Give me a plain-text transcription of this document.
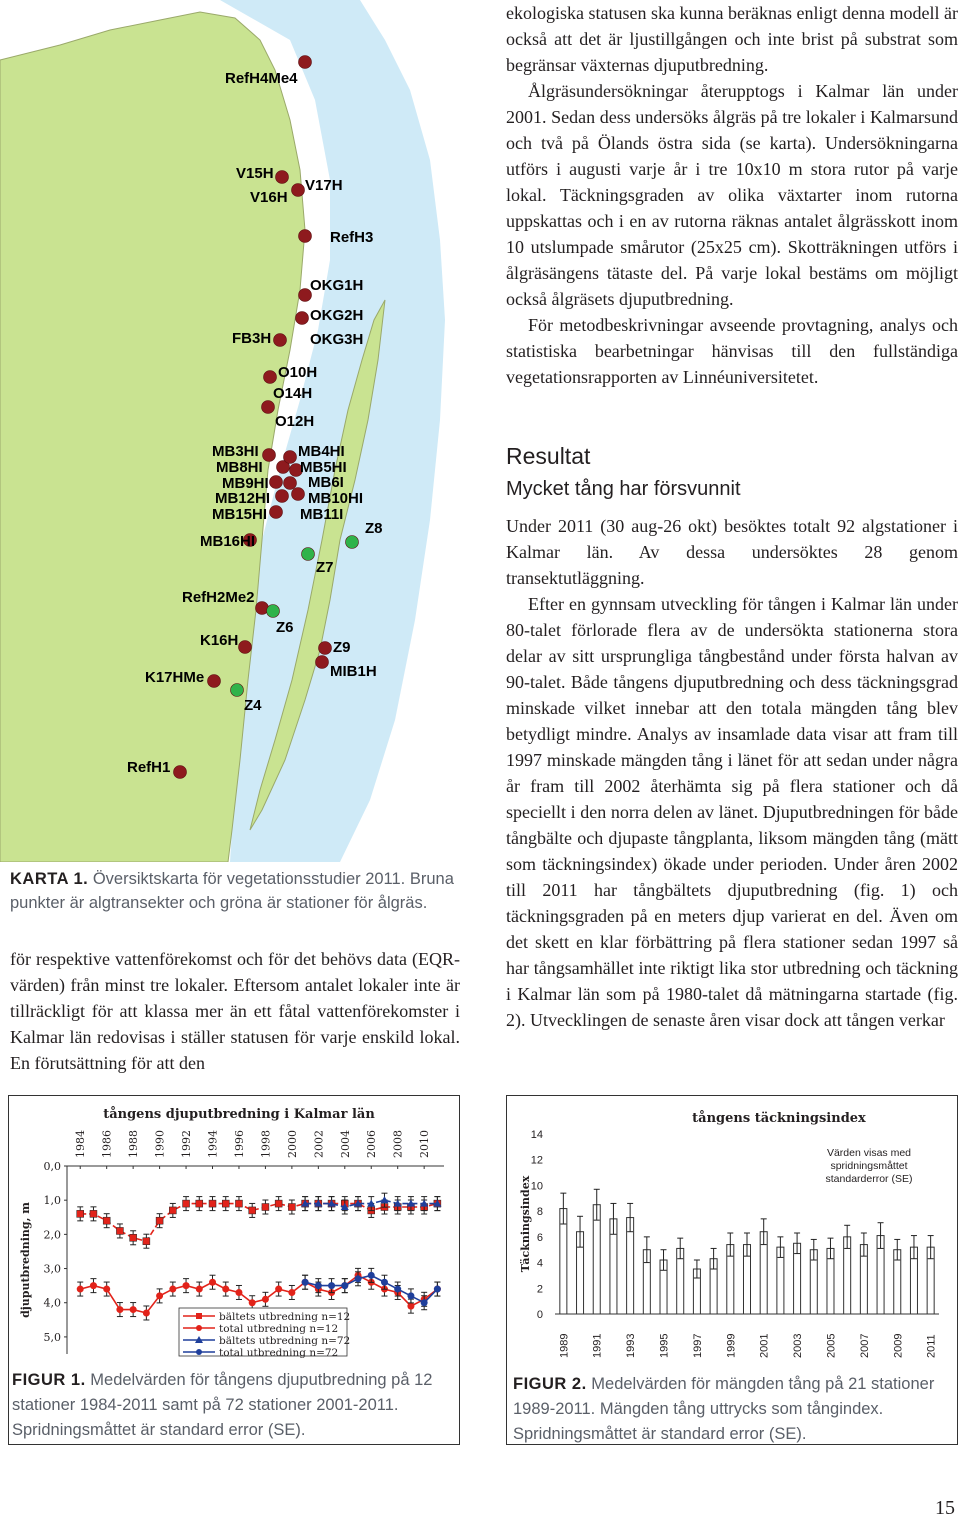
RefH4Me4
V15H
V16H
V17H
RefH3
OKG1H
OKG2H
OKG3H
FB3H
O10H
O14H
O12H
MB3HI
MB8HI
MB9HI
MB12HI
MB15HI
MB4HI
MB5HI
MB6I
MB10HI
MB11I
Z8
MB16HI
Z7
RefH2Me2
Z6
K16H	Z9
MIB1H
K17HMe
Z4
RefH1
KARTA 1. Översiktskarta för vegetationsstudier 2011. Bruna punkter är algtransekter och gröna är stationer för ålgräs.

för respektive vattenförekomst och för det behövs data (EQR-värden) från minst tre lokaler. Eftersom antalet lokaler inte är tillräckligt för att klassa mer än ett fåtal vattenförekomster i Kalmar län redovisas i ställer statusen för varje enskild lokal. En förutsättning för att den

ekologiska statusen ska kunna beräknas enligt denna modell är också att det är ljustillgången och inte brist på substrat som begränsar växternas djuputbredning.

Ålgräsundersökningar återupptogs i Kalmar län under 2001. Sedan dess undersöks ålgräs på tre lokaler i Kalmarsund och två på Ölands östra sida (se karta). Undersökningarna utförs i augusti varje år i tre 10x10 m stora rutor på varje lokal. Täckningsgraden av olika växtarter inom rutorna uppskattas och i en av rutorna räknas antalet ålgrässkott inom 10 utslumpade smårutor (25x25 cm). Skotträkningen utförs i ålgräsängens tätaste del. På varje lokal bestäms om möjligt också ålgräsets djuputbredning.

För metodbeskrivningar avseende provtagning, analys och statistiska bearbetningar hänvisas till den fullständiga vegetationsrapporten av Linnéuniversitetet.

Resultat
Mycket tång har försvunnit

Under 2011 (30 aug-26 okt) besöktes totalt 92 algstationer i Kalmar län. Av dessa undersöktes 28 genom transektutläggning.

Efter en gynnsam utveckling för tången i Kalmar län under 80-talet förlorade flera av de undersökta stationerna stora delar av sitt ursprungliga tångbestånd under första halvan av 90-talet. Både tångens djuputbredning och dess täckningsgrad minskade vilket innebar att den totala mängden tång blev betydligt mindre. Analys av insamlade data visar att fram till 1997 minskade mängden tång i länet för att sedan under några år fram till 2002 återhämta sig på flera stationer och då speciellt i den norra delen av länet. Djuputbredningen för både tångbälte och djupaste tångplanta, liksom mängden tång (mätt som täckningsindex) ökade under perioden. Under åren 2002 till 2011 har tångbältets djuputbredning (fig. 1) och täckningsgraden på en meters djup varierat en del. Även om det skett en klar förbättring på flera stationer sedan 1997 så har tångsamhället inte riktigt lika stor utbredning och täckning i Kalmar län som på 1980-talet då mätningarna startade (fig. 2). Utvecklingen de senaste åren visar dock att tången verkar

tångens djuputbredning i Kalmar län
djuputbredning, m
0,0
1,0
2,0
3,0
4,0
5,0
1984 1986 1988 1990 1992 1994 1996 1998 2000 2002 2004 2006 2008 2010
bältets utbredning n=12
total utbredning n=12
bältets utbredning n=72
total utbredning n=72
FIGUR 1. Medelvärden för tångens djuputbredning på 12 stationer 1984-2011 samt på 72 stationer 2001-2011. Spridningsmåttet är standard error (SE).
tångens täckningsindex
Täckningsindex
Värden visas med spridningsmåttet standarderror (SE)
0
2
4
6
8
10
12
14
1989 1991 1993 1995 1997 1999 2001 2003 2005 2007 2009 2011
FIGUR 2. Medelvärden för mängden tång på 21 stationer 1989-2011. Mängden tång uttrycks som tångindex. Spridningsmåttet är standard error (SE).
15
